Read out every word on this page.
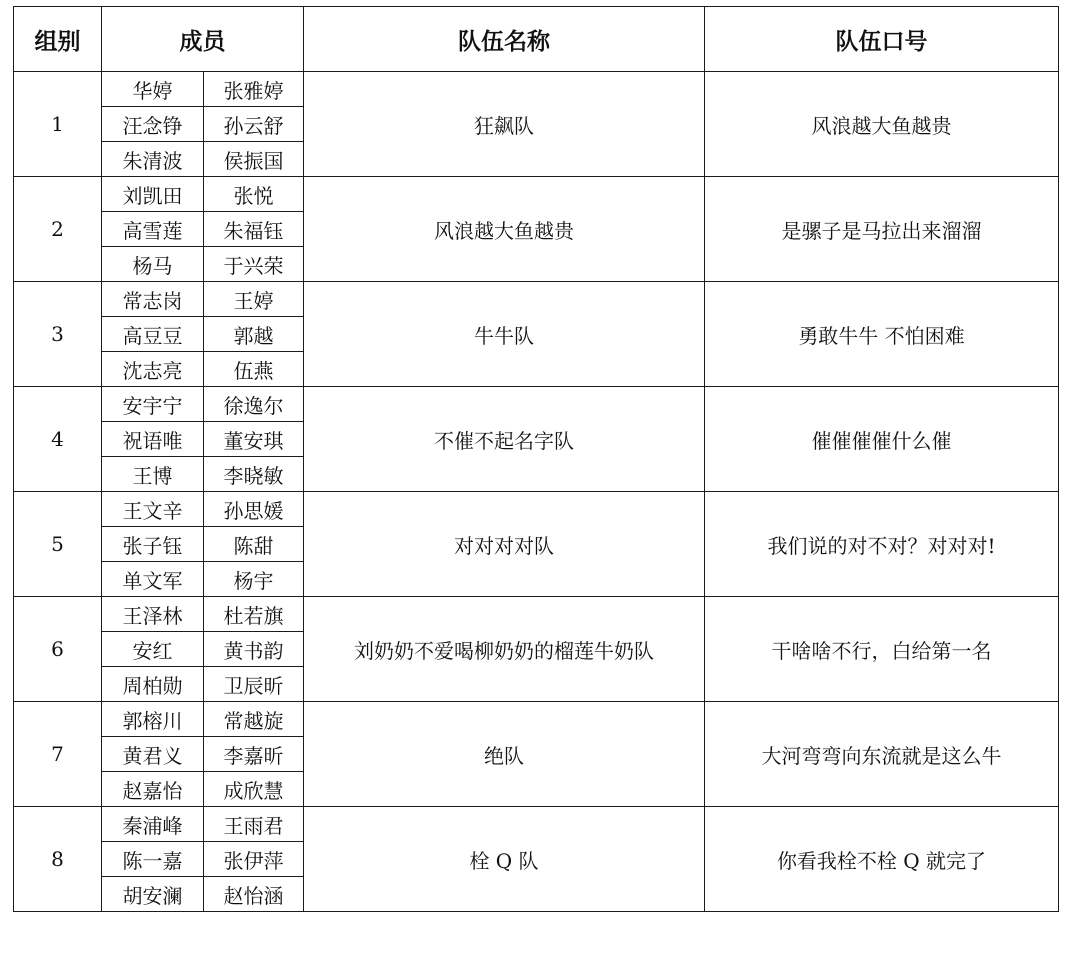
组别	成员		队伍名称	队伍口号
1	华婷	张雅婷	狂飙队	风浪越大鱼越贵
	汪念铮	孙云舒		
	朱清波	侯振国		
2	刘凯田	张悦	风浪越大鱼越贵	是骡子是马拉出来溜溜
	高雪莲	朱福钰		
	杨马	于兴荣		
3	常志岗	王婷	牛牛队	勇敢牛牛 不怕困难
	高豆豆	郭越		
	沈志亮	伍燕		
4	安宇宁	徐逸尔	不催不起名字队	催催催催什么催
	祝语唯	董安琪		
	王博	李晓敏		
5	王文辛	孙思媛	对对对对队	我们说的对不对？对对对!
	张子钰	陈甜		
	单文军	杨宇		
6	王泽林	杜若旗	刘奶奶不爱喝柳奶奶的榴莲牛奶队	干啥啥不行，白给第一名
	安红	黄书韵		
	周柏勋	卫辰昕		
7	郭榕川	常越旋	绝队	大河弯弯向东流就是这么牛
	黄君义	李嘉昕		
	赵嘉怡	成欣慧		
8	秦浦峰	王雨君	栓 Q 队	你看我栓不栓 Q 就完了
	陈一嘉	张伊萍		
	胡安澜	赵怡涵		
